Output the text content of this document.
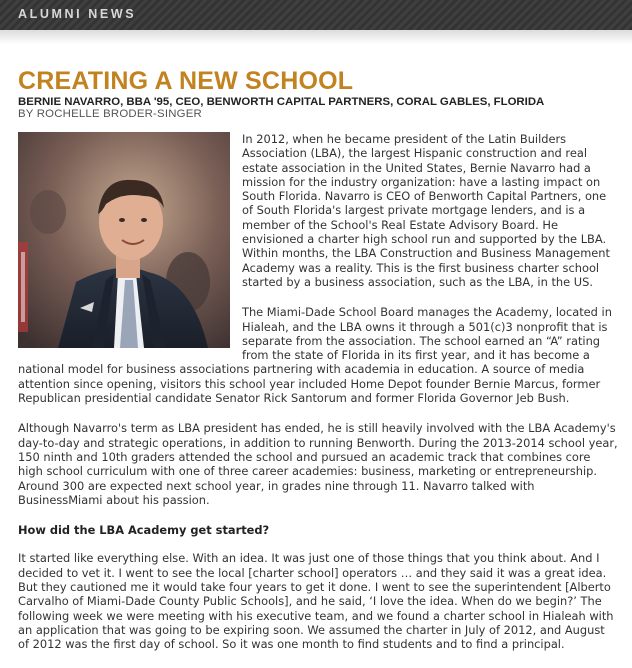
ALUMNI NEWS
CREATING A NEW SCHOOL
BERNIE NAVARRO, BBA '95, CEO, BENWORTH CAPITAL PARTNERS, CORAL GABLES, FLORIDA
BY ROCHELLE BRODER-SINGER

In 2012, when he became president of the Latin Builders Association (LBA), the largest Hispanic construction and real estate association in the United States, Bernie Navarro had a mission for the industry organization: have a lasting impact on South Florida. Navarro is CEO of Benworth Capital Partners, one of South Florida's largest private mortgage lenders, and is a member of the School's Real Estate Advisory Board. He envisioned a charter high school run and supported by the LBA. Within months, the LBA Construction and Business Management Academy was a reality. This is the first business charter school started by a business association, such as the LBA, in the US.

The Miami-Dade School Board manages the Academy, located in Hialeah, and the LBA owns it through a 501(c)3 nonprofit that is separate from the association. The school earned an “A” rating from the state of Florida in its first year, and it has become a national model for business associations partnering with academia in education. A source of media attention since opening, visitors this school year included Home Depot founder Bernie Marcus, former Republican presidential candidate Senator Rick Santorum and former Florida Governor Jeb Bush.

Although Navarro's term as LBA president has ended, he is still heavily involved with the LBA Academy's day-to-day and strategic operations, in addition to running Benworth. During the 2013-2014 school year, 150 ninth and 10th graders attended the school and pursued an academic track that combines core high school curriculum with one of three career academies: business, marketing or entrepreneurship. Around 300 are expected next school year, in grades nine through 11. Navarro talked with BusinessMiami about his passion.

How did the LBA Academy get started?

It started like everything else. With an idea. It was just one of those things that you think about. And I decided to vet it. I went to see the local [charter school] operators … and they said it was a great idea. But they cautioned me it would take four years to get it done. I went to see the superintendent [Alberto Carvalho of Miami-Dade County Public Schools], and he said, ‘I love the idea. When do we begin?’ The following week we were meeting with his executive team, and we found a charter school in Hialeah with an application that was going to be expiring soon. We assumed the charter in July of 2012, and August of 2012 was the first day of school. So it was one month to find students and to find a principal.
